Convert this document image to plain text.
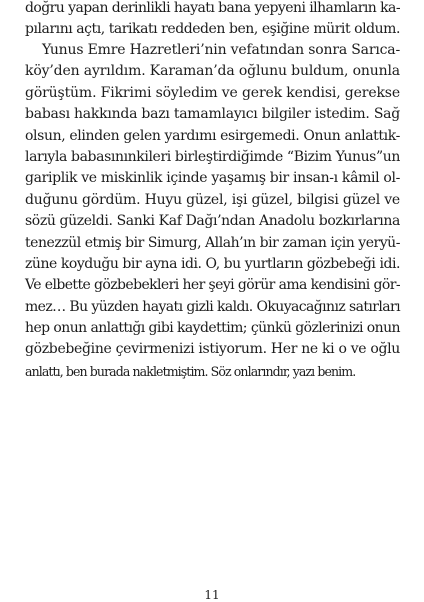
doğru yapan derinlikli hayatı bana yepyeni ilhamların ka-
pılarını açtı, tarikatı reddeden ben, eşiğine mürit oldum.
Yunus Emre Hazretleri’nin vefatından sonra Sarıca-
köy’den ayrıldım. Karaman’da oğlunu buldum, onunla
görüştüm. Fikrimi söyledim ve gerek kendisi, gerekse
babası hakkında bazı tamamlayıcı bilgiler istedim. Sağ
olsun, elinden gelen yardımı esirgemedi. Onun anlattık-
larıyla babasınınkileri birleştirdiğimde “Bizim Yunus”un
gariplik ve miskinlik içinde yaşamış bir insan-ı kâmil ol-
duğunu gördüm. Huyu güzel, işi güzel, bilgisi güzel ve
sözü güzeldi. Sanki Kaf Dağı’ndan Anadolu bozkırlarına
tenezzül etmiş bir Simurg, Allah’ın bir zaman için yeryü-
züne koyduğu bir ayna idi. O, bu yurtların gözbebeği idi.
Ve elbette gözbebekleri her şeyi görür ama kendisini gör-
mez… Bu yüzden hayatı gizli kaldı. Okuyacağınız satırları
hep onun anlattığı gibi kaydettim; çünkü gözlerinizi onun
gözbebeğine çevirmenizi istiyorum. Her ne ki o ve oğlu
anlattı, ben burada nakletmiştim. Söz onlarındır, yazı benim.
11
